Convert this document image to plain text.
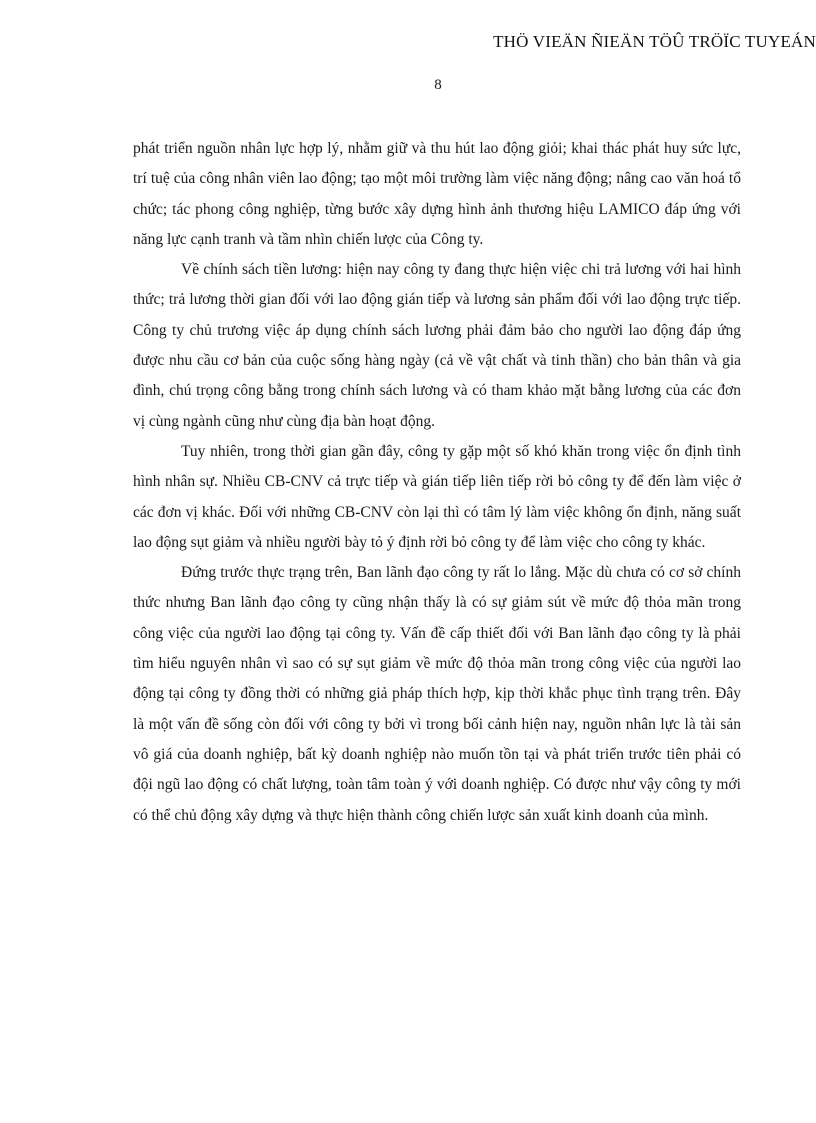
THÖ VIEÄN ÑIEÄN TÖÛ TRÖÏC TUYEÁN
8

phát triển nguồn nhân lực hợp lý, nhằm giữ và thu hút lao động giỏi; khai thác phát huy sức lực, trí tuệ của công nhân viên lao động; tạo một môi trường làm việc năng động; nâng cao văn hoá tổ chức; tác phong công nghiệp, từng bước xây dựng hình ảnh thương hiệu LAMICO đáp ứng với năng lực cạnh tranh và tầm nhìn chiến lược của Công ty.

Về chính sách tiền lương: hiện nay công ty đang thực hiện việc chi trả lương với hai hình thức; trả lương thời gian đối với lao động gián tiếp và lương sản phẩm đối với lao động trực tiếp. Công ty chủ trương việc áp dụng chính sách lương phải đảm bảo cho người lao động đáp ứng được nhu cầu cơ bản của cuộc sống hàng ngày (cả về vật chất và tinh thần) cho bản thân và gia đình, chú trọng công bằng trong chính sách lương và có tham khảo mặt bằng lương của các đơn vị cùng ngành cũng như cùng địa bàn hoạt động.

Tuy nhiên, trong thời gian gần đây, công ty gặp một số khó khăn trong việc ổn định tình hình nhân sự. Nhiều CB-CNV cả trực tiếp và gián tiếp liên tiếp rời bỏ công ty để đến làm việc ở các đơn vị khác. Đối với những CB-CNV còn lại thì có tâm lý làm việc không ổn định, năng suất lao động sụt giảm và nhiều người bày tỏ ý định rời bỏ công ty để làm việc cho công ty khác.

Đứng trước thực trạng trên, Ban lãnh đạo công ty rất lo lắng. Mặc dù chưa có cơ sở chính thức nhưng Ban lãnh đạo công ty cũng nhận thấy là có sự giảm sút về mức độ thỏa mãn trong công việc của người lao động tại công ty. Vấn đề cấp thiết đối với Ban lãnh đạo công ty là phải tìm hiểu nguyên nhân vì sao có sự sụt giảm về mức độ thỏa mãn trong công việc của người lao động tại công ty đồng thời có những giả pháp thích hợp, kịp thời khắc phục tình trạng trên. Đây là một vấn đề sống còn đối với công ty bởi vì trong bối cảnh hiện nay, nguồn nhân lực là tài sản vô giá của doanh nghiệp, bất kỳ doanh nghiệp nào muốn tồn tại và phát triển trước tiên phải có đội ngũ lao động có chất lượng, toàn tâm toàn ý với doanh nghiệp. Có được như vậy công ty mới có thể chủ động xây dựng và thực hiện thành công chiến lược sản xuất kinh doanh của mình.
